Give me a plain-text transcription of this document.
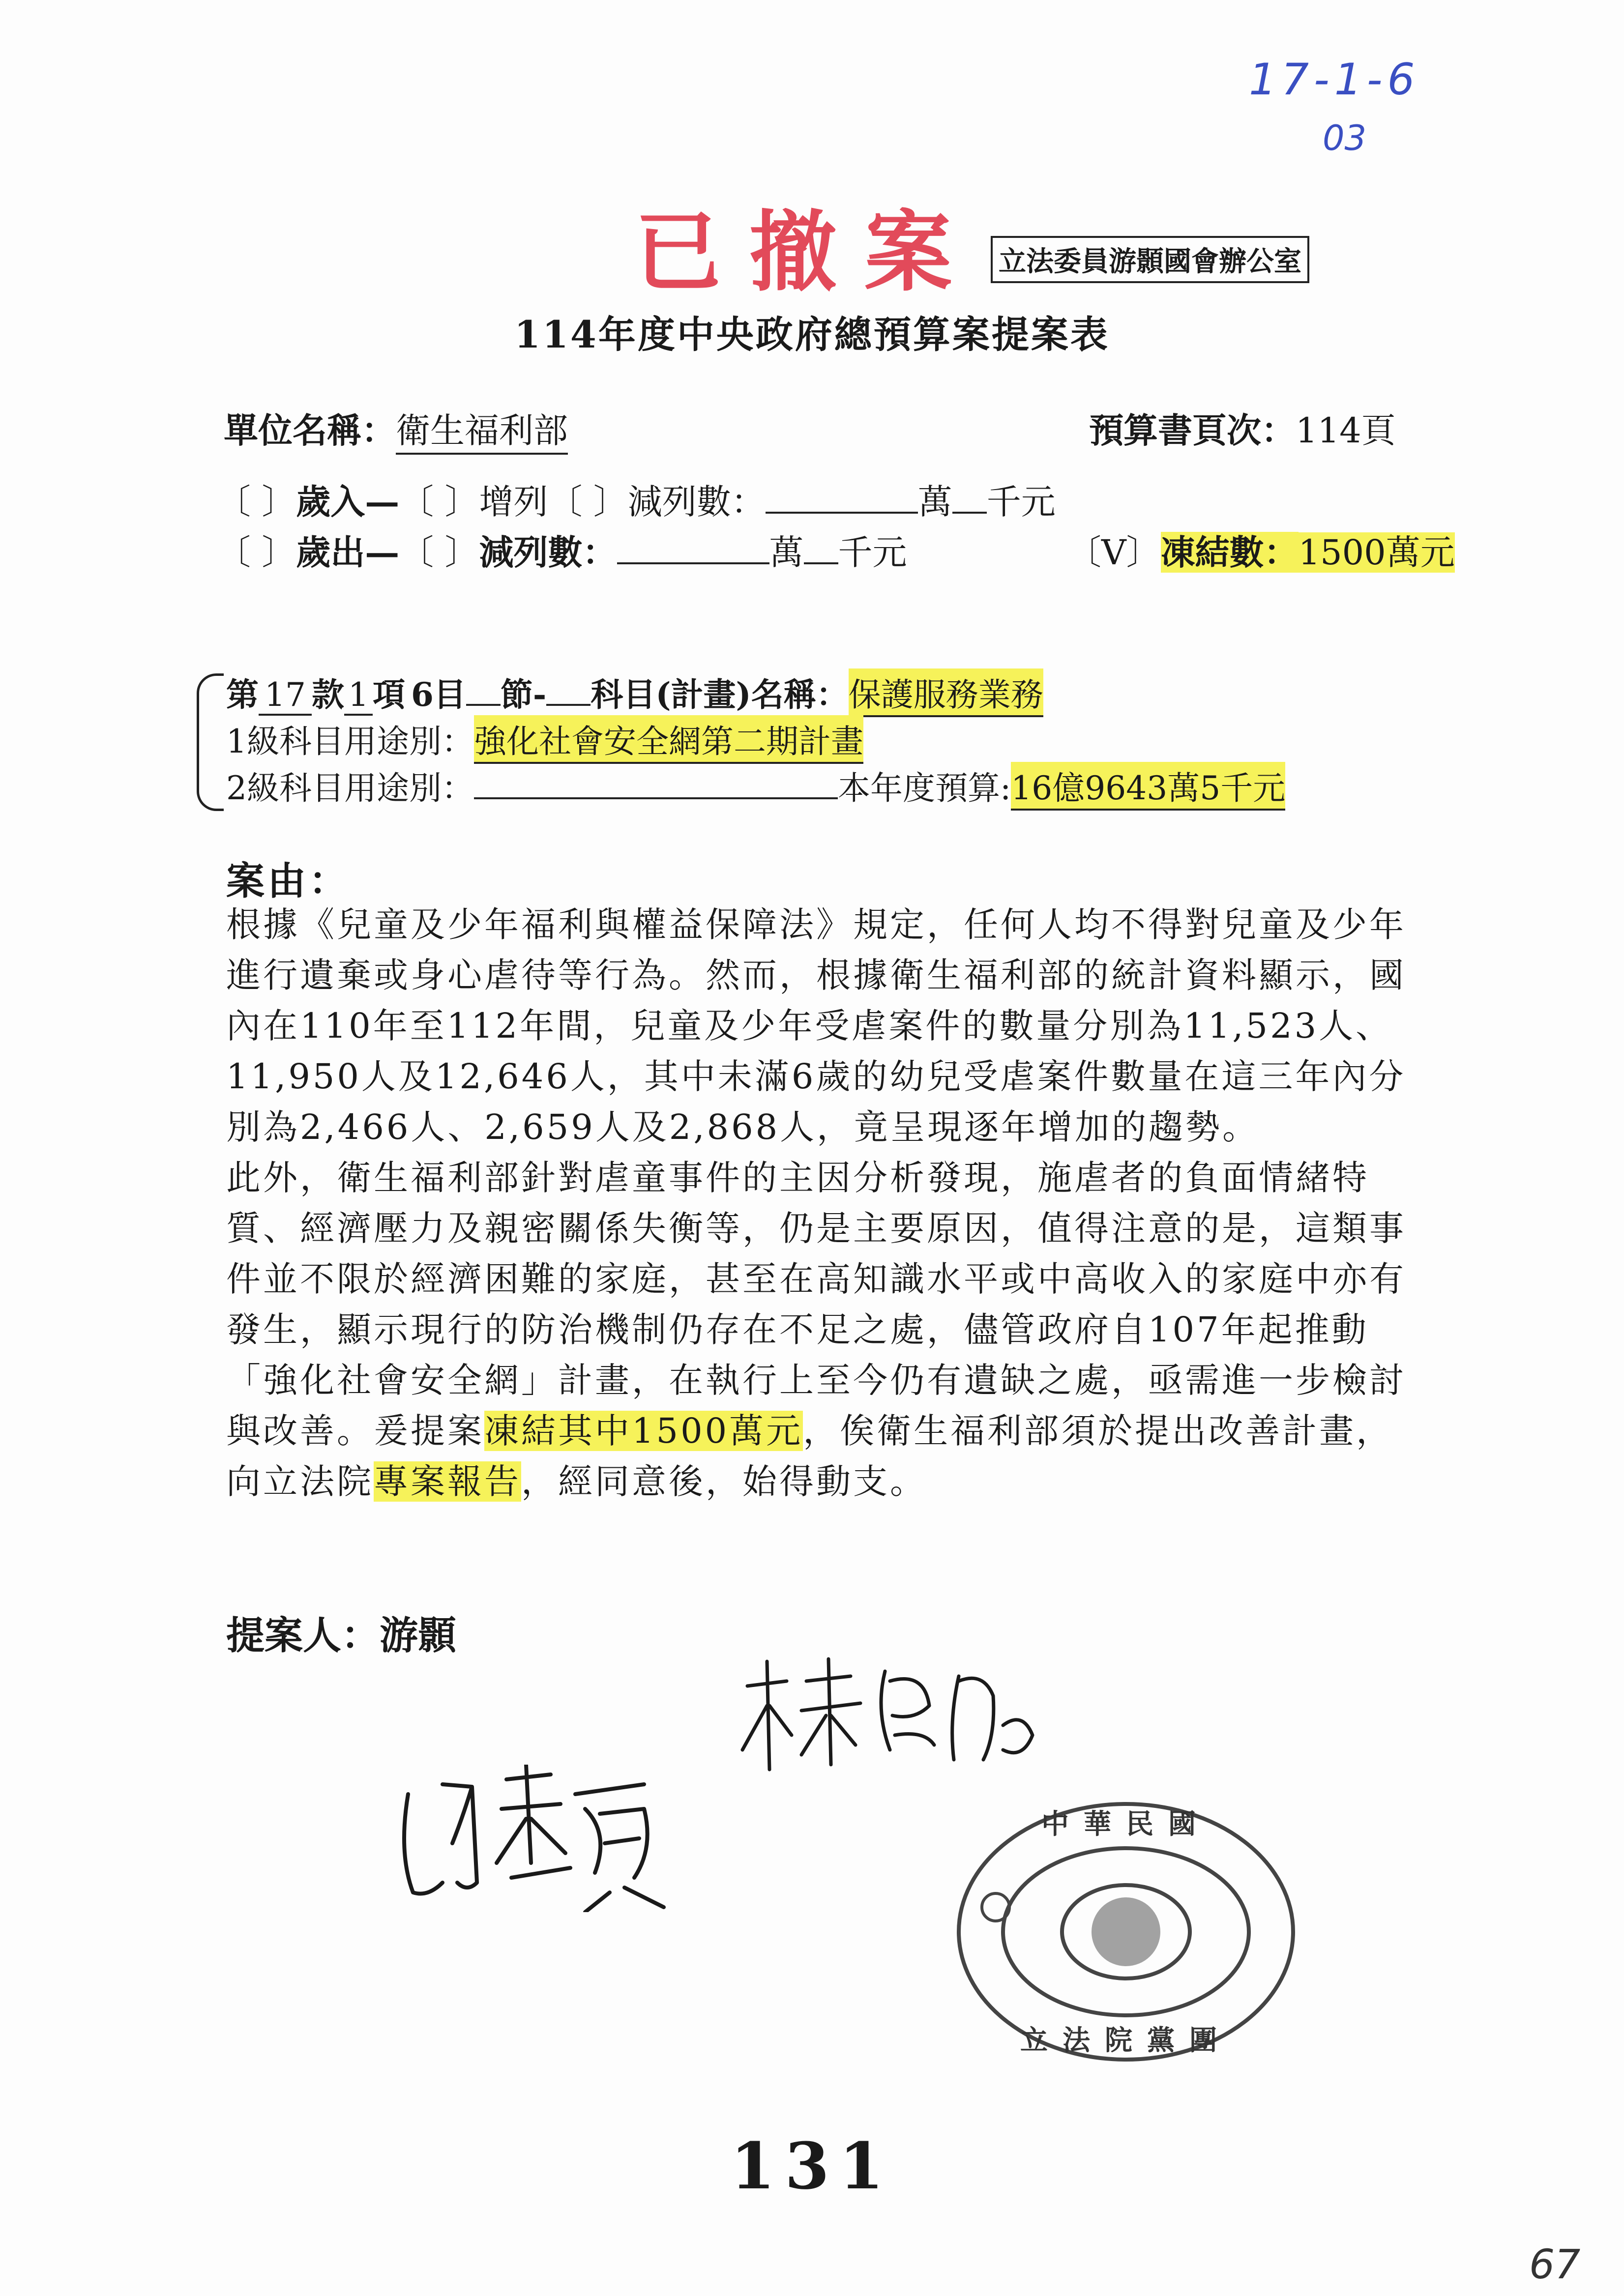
17-1-6
03
已撤案 立法委員游顥國會辦公室
114年度中央政府總預算案提案表
單位名稱：衛生福利部	預算書頁次：114頁
〔 〕歲入—〔 〕增列〔 〕減列數：	萬 千元
〔 〕歲出—〔 〕減列數：	萬 千元	〔V〕凍結數：1500萬元
第 17 款 1 項 6目 節- 科目(計畫)名稱：保護服務業務
1級科目用途別：強化社會安全網第二期計畫
2級科目用途別：	本年度預算:16億9643萬5千元
案由：

根據《兒童及少年福利與權益保障法》規定，任何人均不得對兒童及少年進行遺棄或身心虐待等行為。然而，根據衛生福利部的統計資料顯示，國內在110年至112年間，兒童及少年受虐案件的數量分別為11,523人、11,950人及12,646人，其中未滿6歲的幼兒受虐案件數量在這三年內分別為2,466人、2,659人及2,868人，竟呈現逐年增加的趨勢。

此外，衛生福利部針對虐童事件的主因分析發現，施虐者的負面情緒特質、經濟壓力及親密關係失衡等，仍是主要原因，值得注意的是，這類事件並不限於經濟困難的家庭，甚至在高知識水平或中高收入的家庭中亦有發生，顯示現行的防治機制仍存在不足之處，儘管政府自107年起推動「強化社會安全網」計畫，在執行上至今仍有遺缺之處，亟需進一步檢討與改善。爰提案凍結其中1500萬元，俟衛生福利部須於提出改善計畫，向立法院專案報告，經同意後，始得動支。

提案人：游顥
中華民國
立法院黨團
131
67
